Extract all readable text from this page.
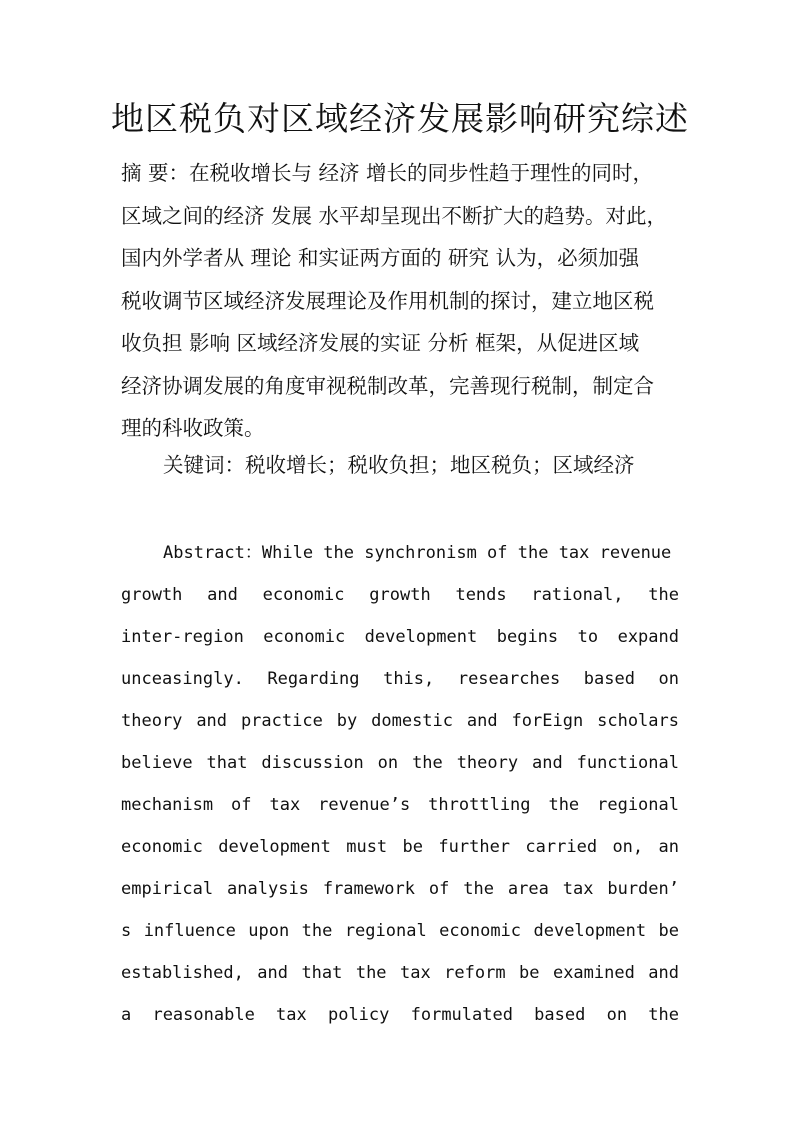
地区税负对区域经济发展影响研究综述
摘 要：在税收增长与 经济 增长的同步性趋于理性的同时，
区域之间的经济 发展 水平却呈现出不断扩大的趋势。对此，
国内外学者从 理论 和实证两方面的 研究 认为，必须加强
税收调节区域经济发展理论及作用机制的探讨，建立地区税
收负担 影响 区域经济发展的实证 分析 框架，从促进区域
经济协调发展的角度审视税制改革，完善现行税制，制定合
理的科收政策。
关键词：税收增长；税收负担；地区税负；区域经济
Abstract：While the synchronism of the tax revenue
growth and economic growth tends rational, the
inter-region economic development begins to expand
unceasingly. Regarding this, researches based on
theory and practice by domestic and forEign scholars
believe that discussion on the theory and functional
mechanism of tax revenue’s throttling the regional
economic development must be further carried on, an
empirical analysis framework of the area tax burden’
s influence upon the regional economic development be
established, and that the tax reform be examined and
a reasonable tax policy formulated based on the
